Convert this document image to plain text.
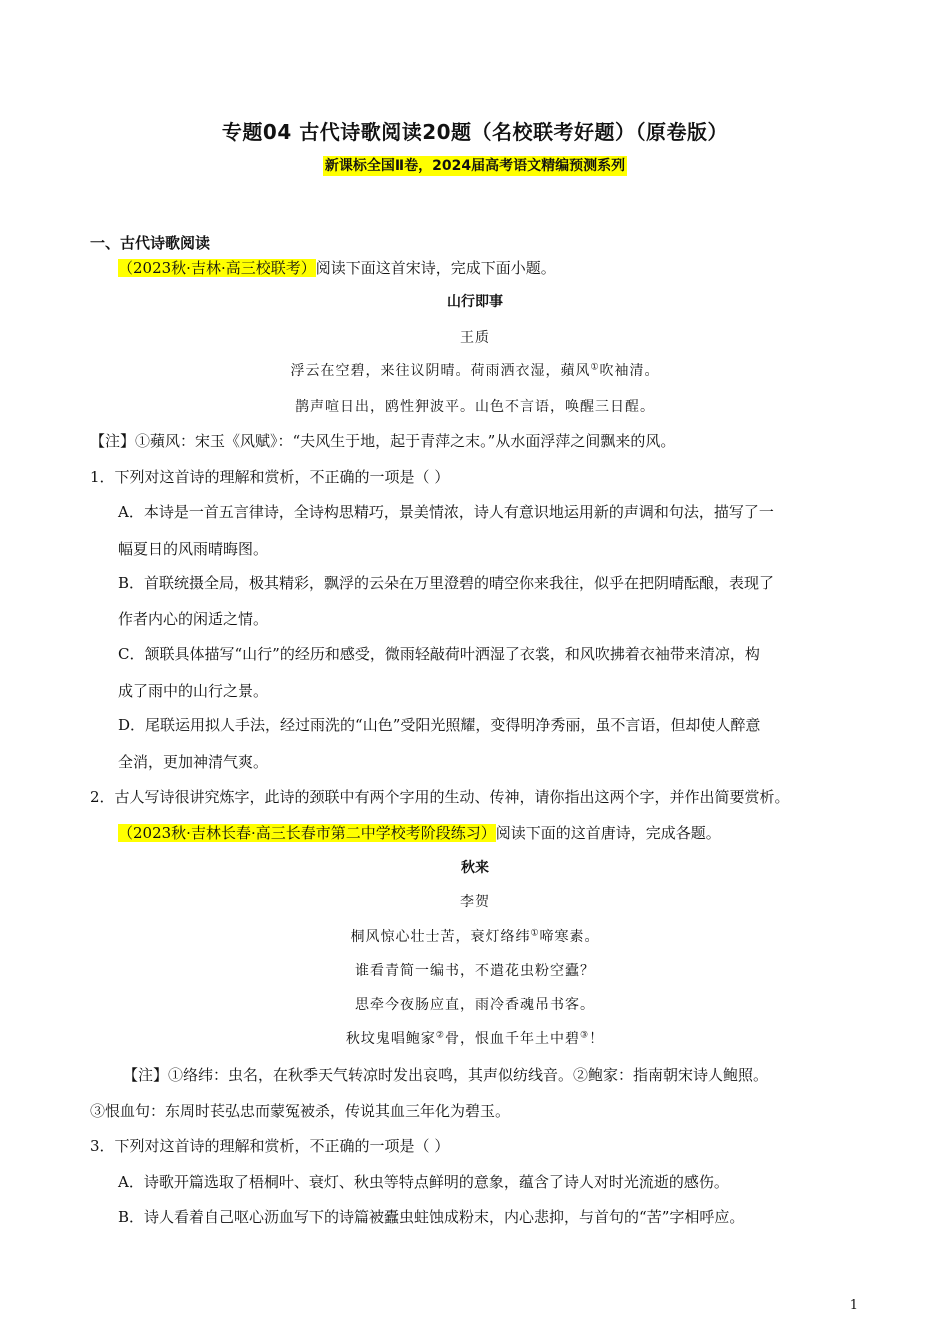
专题04 古代诗歌阅读20题（名校联考好题）（原卷版）
新课标全国Ⅱ卷，2024届高考语文精编预测系列
一、古代诗歌阅读
（2023秋·吉林·高三校联考）阅读下面这首宋诗，完成下面小题。
山行即事
王质
浮云在空碧，来往议阴晴。荷雨洒衣湿，蘋风①吹袖清。
鹊声喧日出，鸥性狎波平。山色不言语，唤醒三日酲。
【注】①蘋风：宋玉《风赋》：“夫风生于地，起于青萍之末。”从水面浮萍之间飘来的风。
1．下列对这首诗的理解和赏析，不正确的一项是（ ）
A．本诗是一首五言律诗，全诗构思精巧，景美情浓，诗人有意识地运用新的声调和句法，描写了一
幅夏日的风雨晴晦图。
B．首联统摄全局，极其精彩，飘浮的云朵在万里澄碧的晴空你来我往，似乎在把阴晴酝酿，表现了
作者内心的闲适之情。
C．颔联具体描写“山行”的经历和感受，微雨轻敲荷叶洒湿了衣裳，和风吹拂着衣袖带来清凉，构
成了雨中的山行之景。
D．尾联运用拟人手法，经过雨洗的“山色”受阳光照耀，变得明净秀丽，虽不言语，但却使人醉意
全消，更加神清气爽。
2．古人写诗很讲究炼字，此诗的颈联中有两个字用的生动、传神，请你指出这两个字，并作出简要赏析。
（2023秋·吉林长春·高三长春市第二中学校考阶段练习）阅读下面的这首唐诗，完成各题。
秋来
李贺
桐风惊心壮士苦，衰灯络纬①啼寒素。
谁看青简一编书，不遣花虫粉空蠹？
思牵今夜肠应直，雨冷香魂吊书客。
秋坟鬼唱鲍家②骨，恨血千年土中碧③！
【注】①络纬：虫名，在秋季天气转凉时发出哀鸣，其声似纺线音。②鲍家：指南朝宋诗人鲍照。
③恨血句：东周时苌弘忠而蒙冤被杀，传说其血三年化为碧玉。
3．下列对这首诗的理解和赏析，不正确的一项是（ ）
A．诗歌开篇选取了梧桐叶、衰灯、秋虫等特点鲜明的意象，蕴含了诗人对时光流逝的感伤。
B．诗人看着自己呕心沥血写下的诗篇被蠹虫蛀蚀成粉末，内心悲抑，与首句的“苦”字相呼应。
1
